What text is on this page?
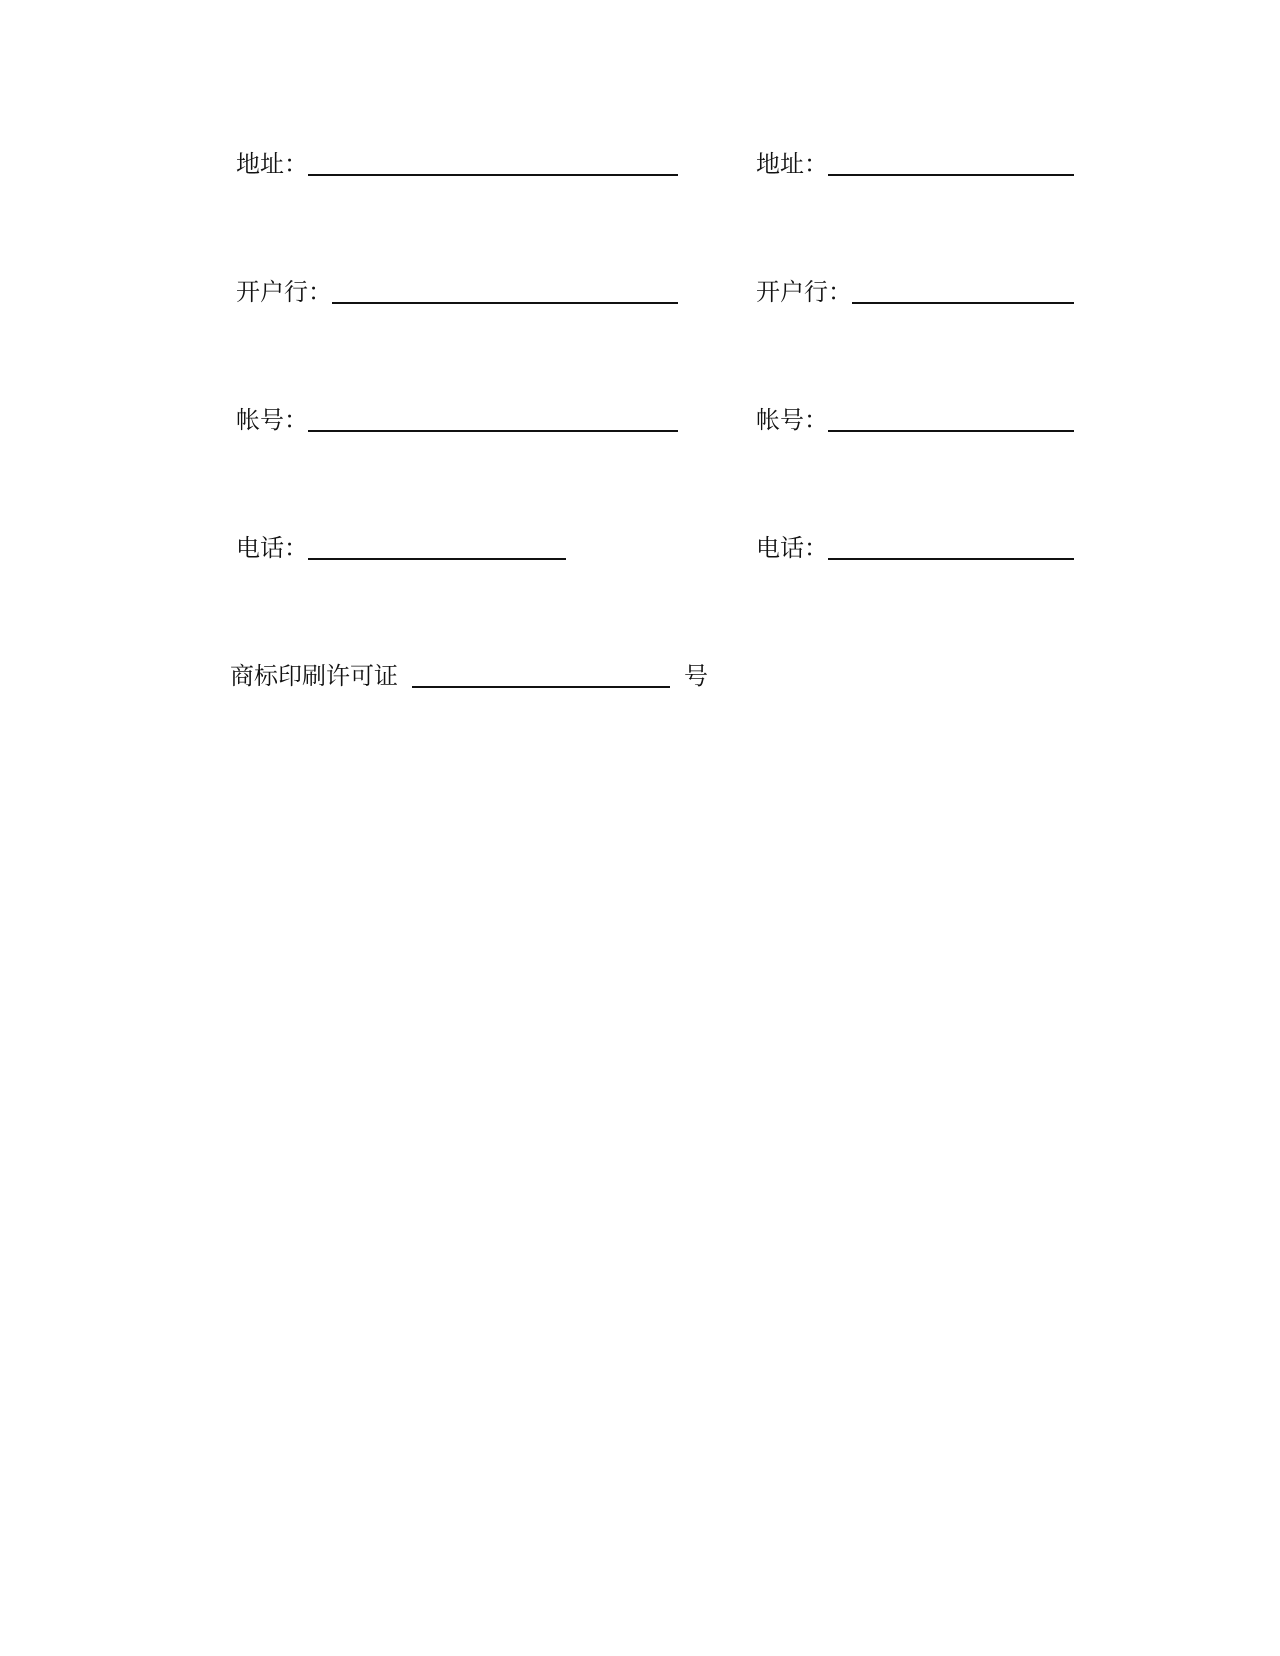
地址：
开户行：
帐号：
电话：
地址：
开户行：
帐号：
电话：
商标印刷许可证	号
